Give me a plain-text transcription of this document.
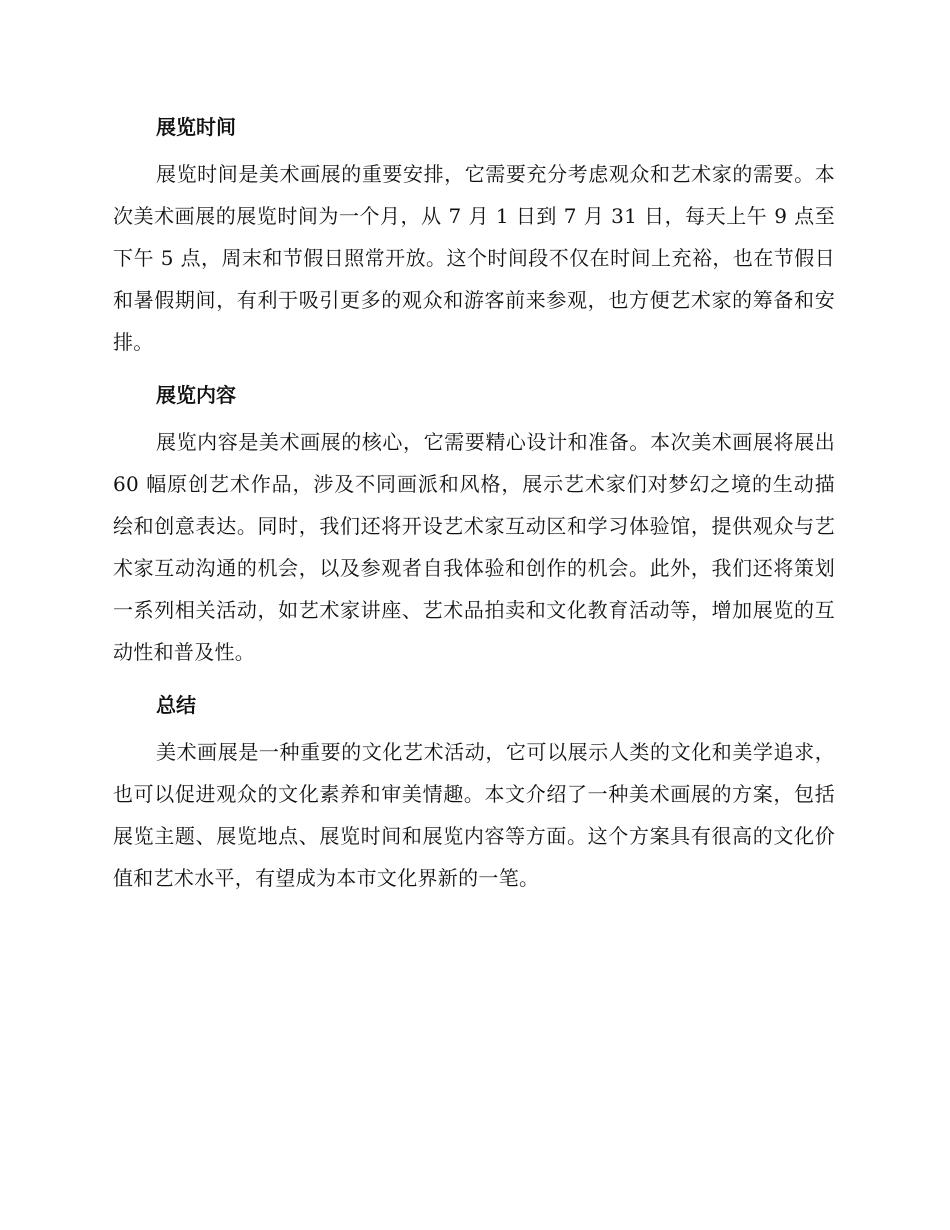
展览时间

展览时间是美术画展的重要安排，它需要充分考虑观众和艺术家的需要。本次美术画展的展览时间为一个月，从 7 月 1 日到 7 月 31 日，每天上午 9 点至下午 5 点，周末和节假日照常开放。这个时间段不仅在时间上充裕，也在节假日和暑假期间，有利于吸引更多的观众和游客前来参观，也方便艺术家的筹备和安排。

展览内容

展览内容是美术画展的核心，它需要精心设计和准备。本次美术画展将展出 60 幅原创艺术作品，涉及不同画派和风格，展示艺术家们对梦幻之境的生动描绘和创意表达。同时，我们还将开设艺术家互动区和学习体验馆，提供观众与艺术家互动沟通的机会，以及参观者自我体验和创作的机会。此外，我们还将策划一系列相关活动，如艺术家讲座、艺术品拍卖和文化教育活动等，增加展览的互动性和普及性。

总结

美术画展是一种重要的文化艺术活动，它可以展示人类的文化和美学追求，也可以促进观众的文化素养和审美情趣。本文介绍了一种美术画展的方案，包括展览主题、展览地点、展览时间和展览内容等方面。这个方案具有很高的文化价值和艺术水平，有望成为本市文化界新的一笔。
